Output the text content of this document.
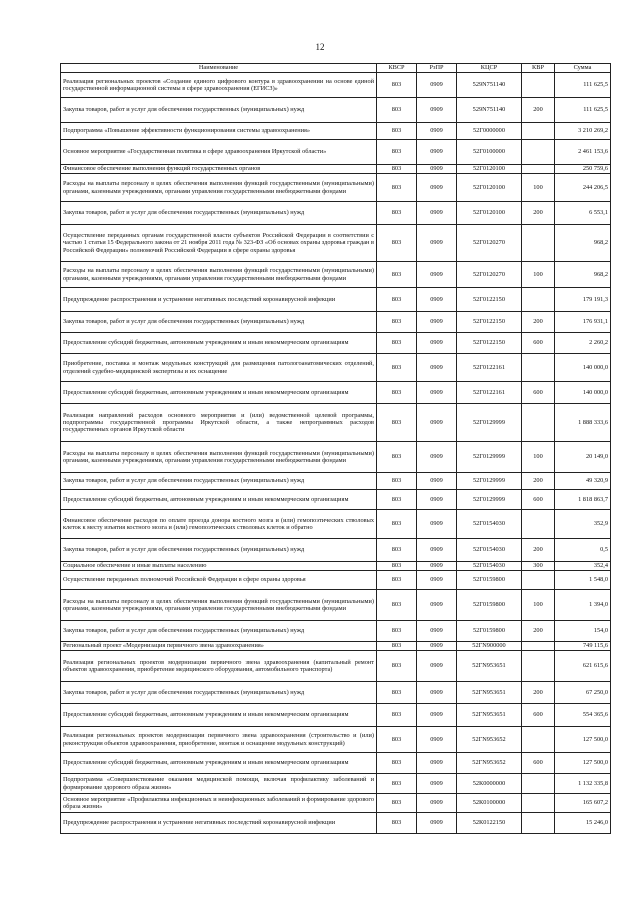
12
Наименование	КВСР	РзПР	КЦСР	КВР	Сумма
Реализация региональных проектов «Создание единого цифрового контура в здравоохранении на основе единой государственной информационной системы в сфере здравоохранения (ЕГИСЗ)»	803	0909	529N751140		111 625,5
Закупка товаров, работ и услуг для обеспечения государственных (муниципальных) нужд	803	0909	529N751140	200	111 625,5
Подпрограмма «Повышение эффективности функционирования системы здравоохранения»	803	0909	52Г0000000		3 210 269,2
Основное мероприятие «Государственная политика в сфере здравоохранения Иркутской области»	803	0909	52Г0100000		2 461 153,6
Финансовое обеспечение выполнения функций государственных органов	803	0909	52Г0120100		250 759,6
Расходы на выплаты персоналу в целях обеспечения выполнения функций государственными (муниципальными) органами, казенными учреждениями, органами управления государственными внебюджетными фондами	803	0909	52Г0120100	100	244 206,5
Закупка товаров, работ и услуг для обеспечения государственных (муниципальных) нужд	803	0909	52Г0120100	200	6 553,1
Осуществление переданных органам государственной власти субъектов Российской Федерации в соответствии с частью 1 статьи 15 Федерального закона от 21 ноября 2011 года № 323-ФЗ «Об основах охраны здоровья граждан в Российской Федерации» полномочий Российской Федерации в сфере охраны здоровья	803	0909	52Г0120270		968,2
Расходы на выплаты персоналу в целях обеспечения выполнения функций государственными (муниципальными) органами, казенными учреждениями, органами управления государственными внебюджетными фондами	803	0909	52Г0120270	100	968,2
Предупреждение распространения и устранение негативных последствий коронавирусной инфекции	803	0909	52Г0122150		179 191,3
Закупка товаров, работ и услуг для обеспечения государственных (муниципальных) нужд	803	0909	52Г0122150	200	176 931,1
Предоставление субсидий бюджетным, автономным учреждениям и иным некоммерческим организациям	803	0909	52Г0122150	600	2 260,2
Приобретение, поставка и монтаж модульных конструкций для размещения патологоанатомических отделений, отделений судебно-медицинской экспертизы и их оснащение	803	0909	52Г0122161		140 000,0
Предоставление субсидий бюджетным, автономным учреждениям и иным некоммерческим организациям	803	0909	52Г0122161	600	140 000,0
Реализация направлений расходов основного мероприятия и (или) ведомственной целевой программы, подпрограммы государственной программы Иркутской области, а также непрограммных расходов государственных органов Иркутской области	803	0909	52Г0129999		1 888 333,6
Расходы на выплаты персоналу в целях обеспечения выполнения функций государственными (муниципальными) органами, казенными учреждениями, органами управления государственными внебюджетными фондами	803	0909	52Г0129999	100	20 149,0
Закупка товаров, работ и услуг для обеспечения государственных (муниципальных) нужд	803	0909	52Г0129999	200	49 320,9
Предоставление субсидий бюджетным, автономным учреждениям и иным некоммерческим организациям	803	0909	52Г0129999	600	1 818 863,7
Финансовое обеспечение расходов по оплате проезда донора костного мозга и (или) гемопоэтических стволовых клеток к месту изъятия костного мозга и (или) гемопоэтических стволовых клеток и обратно	803	0909	52Г0154030		352,9
Закупка товаров, работ и услуг для обеспечения государственных (муниципальных) нужд	803	0909	52Г0154030	200	0,5
Социальное обеспечение и иные выплаты населению	803	0909	52Г0154030	300	352,4
Осуществление переданных полномочий Российской Федерации в сфере охраны здоровья	803	0909	52Г0159800		1 548,0
Расходы на выплаты персоналу в целях обеспечения выполнения функций государственными (муниципальными) органами, казенными учреждениями, органами управления государственными внебюджетными фондами	803	0909	52Г0159800	100	1 394,0
Закупка товаров, работ и услуг для обеспечения государственных (муниципальных) нужд	803	0909	52Г0159800	200	154,0
Региональный проект «Модернизация первичного звена здравоохранения»	803	0909	52ГN900000		749 115,6
Реализация региональных проектов модернизации первичного звена здравоохранения (капитальный ремонт объектов здравоохранения, приобретение медицинского оборудования, автомобильного транспорта)	803	0909	52ГN953651		621 615,6
Закупка товаров, работ и услуг для обеспечения государственных (муниципальных) нужд	803	0909	52ГN953651	200	67 250,0
Предоставление субсидий бюджетным, автономным учреждениям и иным некоммерческим организациям	803	0909	52ГN953651	600	554 365,6
Реализация региональных проектов модернизации первичного звена здравоохранения (строительство и (или) реконструкция объектов здравоохранения, приобретение, монтаж и оснащение модульных конструкций)	803	0909	52ГN953652		127 500,0
Предоставление субсидий бюджетным, автономным учреждениям и иным некоммерческим организациям	803	0909	52ГN953652	600	127 500,0
Подпрограмма «Совершенствование оказания медицинской помощи, включая профилактику заболеваний и формирование здорового образа жизни»	803	0909	52К0000000		1 132 335,8
Основное мероприятие «Профилактика инфекционных и неинфекционных заболеваний и формирование здорового образа жизни»	803	0909	52К0100000		165 607,2
Предупреждение распространения и устранение негативных последствий коронавирусной инфекции	803	0909	52К0122150		15 246,0
